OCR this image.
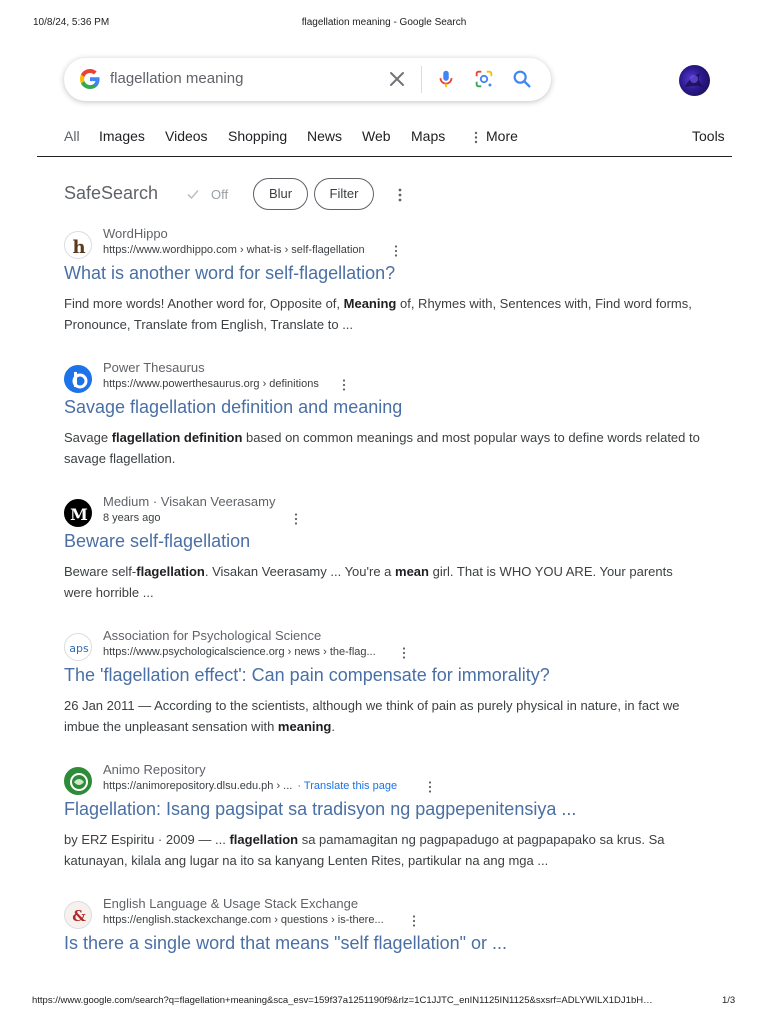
10/8/24, 5:36 PM	flagellation meaning - Google Search
flagellation meaning
All Images Videos Shopping News Web Maps	More	Tools
SafeSearch	Off	Blur	Filter
h
WordHippo
https://www.wordhippo.com › what-is › self-flagellation
What is another word for self-flagellation?
Find more words! Another word for, Opposite of, Meaning of, Rhymes with, Sentences with, Find word forms, Pronounce, Translate from English, Translate to ...
Power Thesaurus
https://www.powerthesaurus.org › definitions
Savage flagellation definition and meaning
Savage flagellation definition based on common meanings and most popular ways to define words related to savage flagellation.
M
Medium · Visakan Veerasamy
8 years ago
Beware self-flagellation
Beware self-flagellation. Visakan Veerasamy ... You're a mean girl. That is WHO YOU ARE. Your parents were horrible ...
aps
Association for Psychological Science
https://www.psychologicalscience.org › news › the-flag...
The 'flagellation effect': Can pain compensate for immorality?
26 Jan 2011 — According to the scientists, although we think of pain as purely physical in nature, in fact we imbue the unpleasant sensation with meaning.
Animo Repository
https://animorepository.dlsu.edu.ph › ... · Translate this page
Flagellation: Isang pagsipat sa tradisyon ng pagpepenitensiya ...
by ERZ Espiritu · 2009 — ... flagellation sa pamamagitan ng pagpapadugo at pagpapapako sa krus. Sa katunayan, kilala ang lugar na ito sa kanyang Lenten Rites, partikular na ang mga ...
&
English Language & Usage Stack Exchange
https://english.stackexchange.com › questions › is-there...
Is there a single word that means "self flagellation" or ...
https://www.google.com/search?q=flagellation+meaning&sca_esv=159f37a1251190f9&rlz=1C1JJTC_enIN1125IN1125&sxsrf=ADLYWILX1DJ1bH…	1/3
